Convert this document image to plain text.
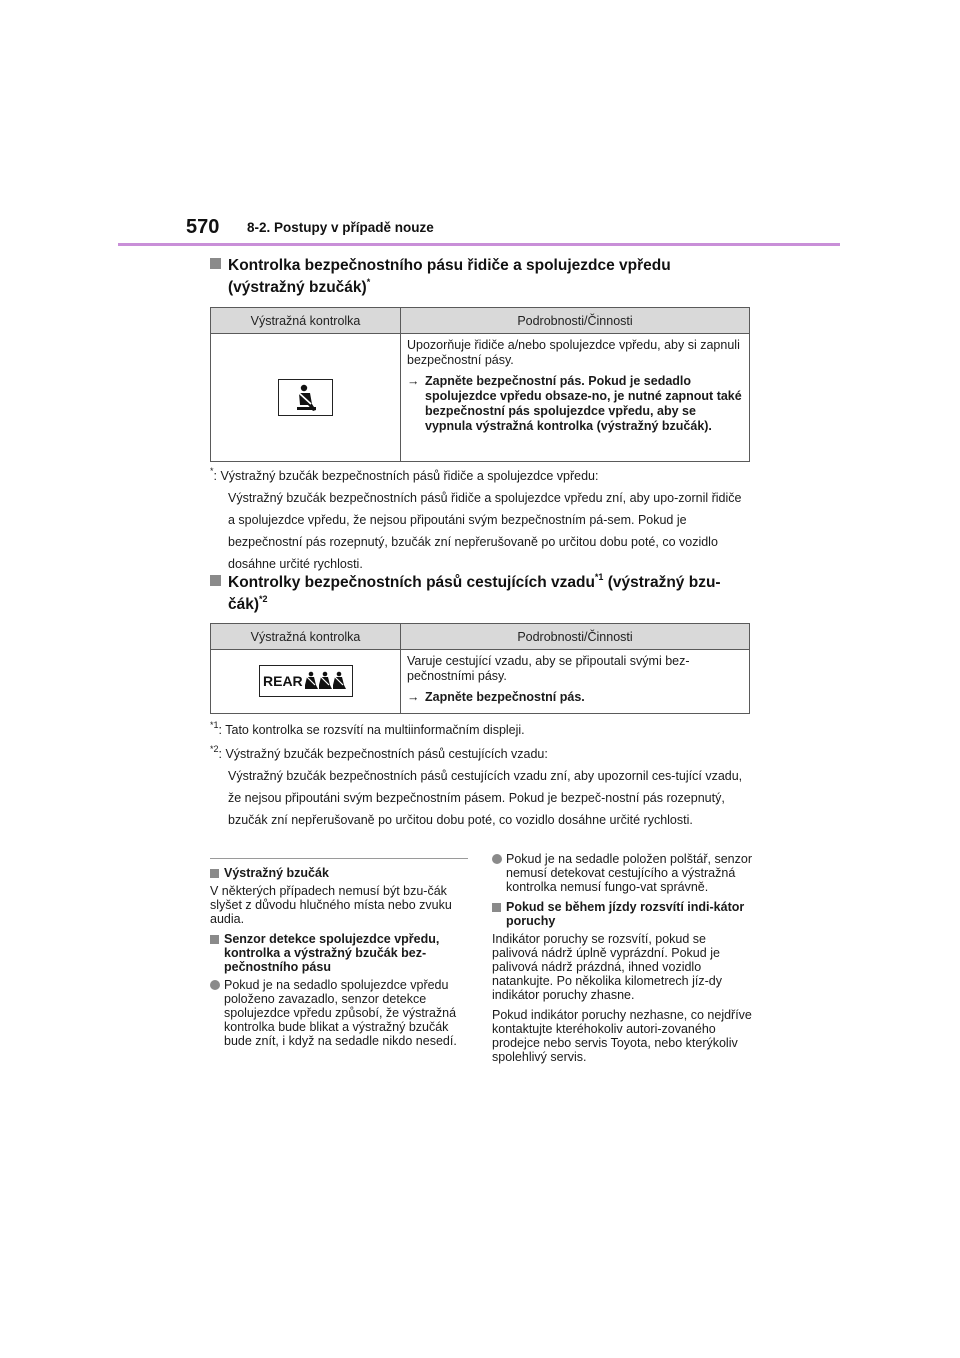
570 8-2. Postupy v případě nouze
Kontrolka bezpečnostního pásu řidiče a spolujezdce vpředu
(výstražný bzučák)*
Výstražná kontrolka	Podrobnosti/Činnosti

Upozorňuje řidiče a/nebo spolujezdce vpředu, aby si zapnuli bezpečnostní pásy.
→ Zapněte bezpečnostní pás. Pokud je sedadlo spolujezdce vpředu obsaze-no, je nutné zapnout také bezpečnostní pás spolujezdce vpředu, aby se vypnula výstražná kontrolka (výstražný bzučák).
*: Výstražný bzučák bezpečnostních pásů řidiče a spolujezdce vpředu:
Výstražný bzučák bezpečnostních pásů řidiče a spolujezdce vpředu zní, aby upo-zornil řidiče a spolujezdce vpředu, že nejsou připoutáni svým bezpečnostním pá-sem. Pokud je bezpečnostní pás rozepnutý, bzučák zní nepřerušovaně po určitou dobu poté, co vozidlo dosáhne určité rychlosti.
Kontrolky bezpečnostních pásů cestujících vzadu$^{*1}$ (výstražný bzu-
čák)$^{*2}$
Výstražná kontrolka	Podrobnosti/Činnosti

REAR	Varuje cestující vzadu, aby se připoutali svými bez-pečnostními pásy.
→ Zapněte bezpečnostní pás.
$^{*1}$: Tato kontrolka se rozsvítí na multiinformačním displeji.
$^{*2}$: Výstražný bzučák bezpečnostních pásů cestujících vzadu:
Výstražný bzučák bezpečnostních pásů cestujících vzadu zní, aby upozornil ces-tující vzadu, že nejsou připoutáni svým bezpečnostním pásem. Pokud je bezpeč-nostní pás rozepnutý, bzučák zní nepřerušovaně po určitou dobu poté, co vozidlo dosáhne určité rychlosti.
Výstražný bzučák

V některých případech nemusí být bzu-čák slyšet z důvodu hlučného místa nebo zvuku audia.

Senzor detekce spolujezdce vpředu, kontrolka a výstražný bzučák bez-pečnostního pásu
Pokud je na sedadlo spolujezdce vpředu položeno zavazadlo, senzor detekce spolujezdce vpředu způsobí, že výstražná kontrolka bude blikat a výstražný bzučák bude znít, i když na sedadle nikdo nesedí.
Pokud je na sedadle položen polštář, senzor nemusí detekovat cestujícího a výstražná kontrolka nemusí fungo-vat správně.
Pokud se během jízdy rozsvítí indi-kátor poruchy

Indikátor poruchy se rozsvítí, pokud se palivová nádrž úplně vyprázdní. Pokud je palivová nádrž prázdná, ihned vozidlo natankujte. Po několika kilometrech jíz-dy indikátor poruchy zhasne.

Pokud indikátor poruchy nezhasne, co nejdříve kontaktujte kteréhokoliv autori-zovaného prodejce nebo servis Toyota, nebo kterýkoliv spolehlivý servis.
